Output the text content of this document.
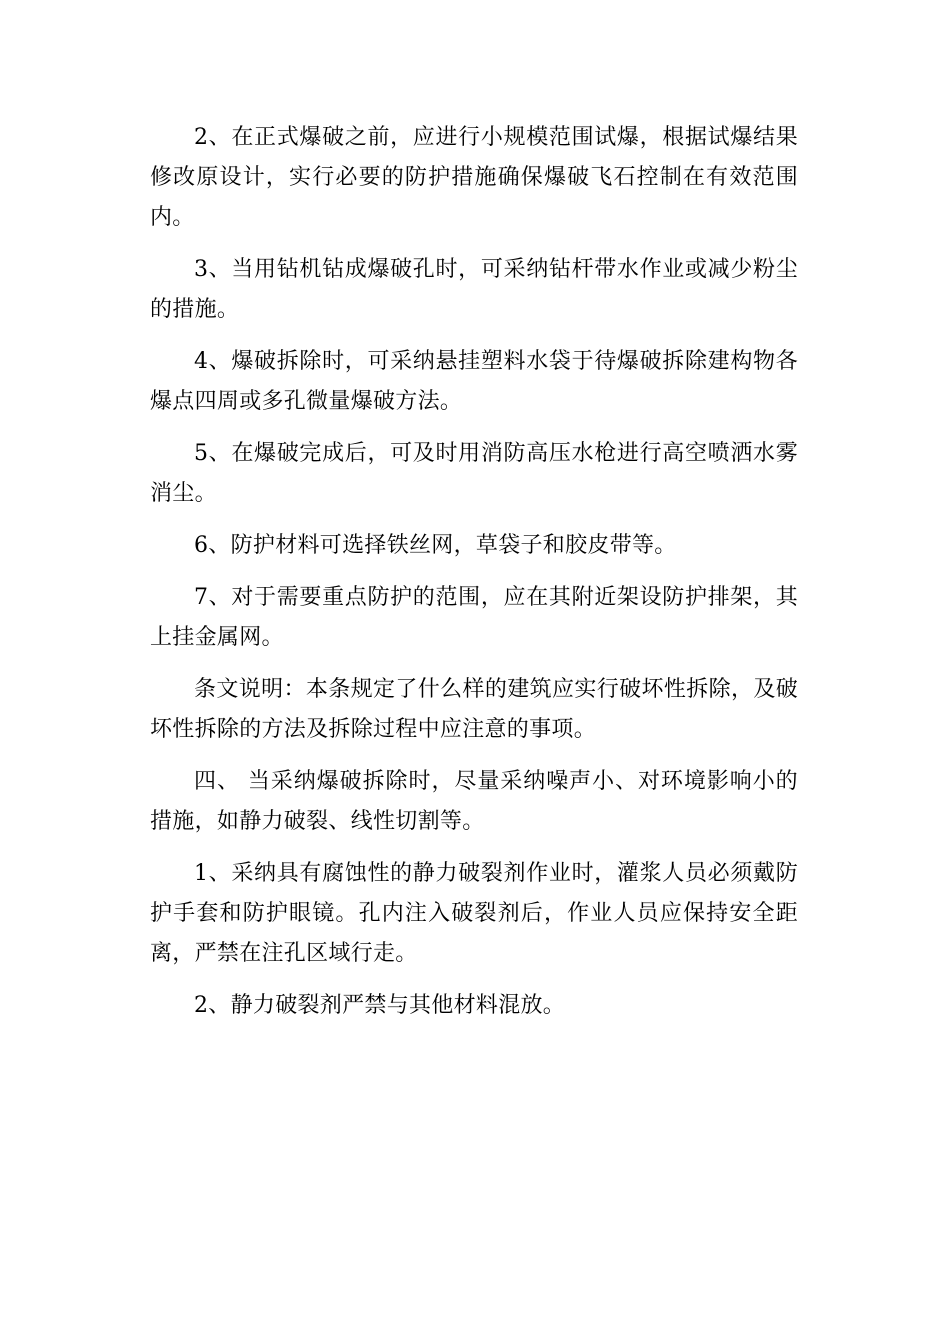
2、在正式爆破之前，应进行小规模范围试爆，根据试爆结果修改原设计，实行必要的防护措施确保爆破飞石控制在有效范围内。

3、当用钻机钻成爆破孔时，可采纳钻杆带水作业或减少粉尘的措施。

4、爆破拆除时，可采纳悬挂塑料水袋于待爆破拆除建构物各爆点四周或多孔微量爆破方法。

5、在爆破完成后，可及时用消防高压水枪进行高空喷洒水雾消尘。

6、防护材料可选择铁丝网，草袋子和胶皮带等。

7、对于需要重点防护的范围，应在其附近架设防护排架，其上挂金属网。

条文说明：本条规定了什么样的建筑应实行破坏性拆除，及破坏性拆除的方法及拆除过程中应注意的事项。

四、 当采纳爆破拆除时，尽量采纳噪声小、对环境影响小的措施，如静力破裂、线性切割等。

1、采纳具有腐蚀性的静力破裂剂作业时，灌浆人员必须戴防护手套和防护眼镜。孔内注入破裂剂后，作业人员应保持安全距离，严禁在注孔区域行走。

2、静力破裂剂严禁与其他材料混放。
